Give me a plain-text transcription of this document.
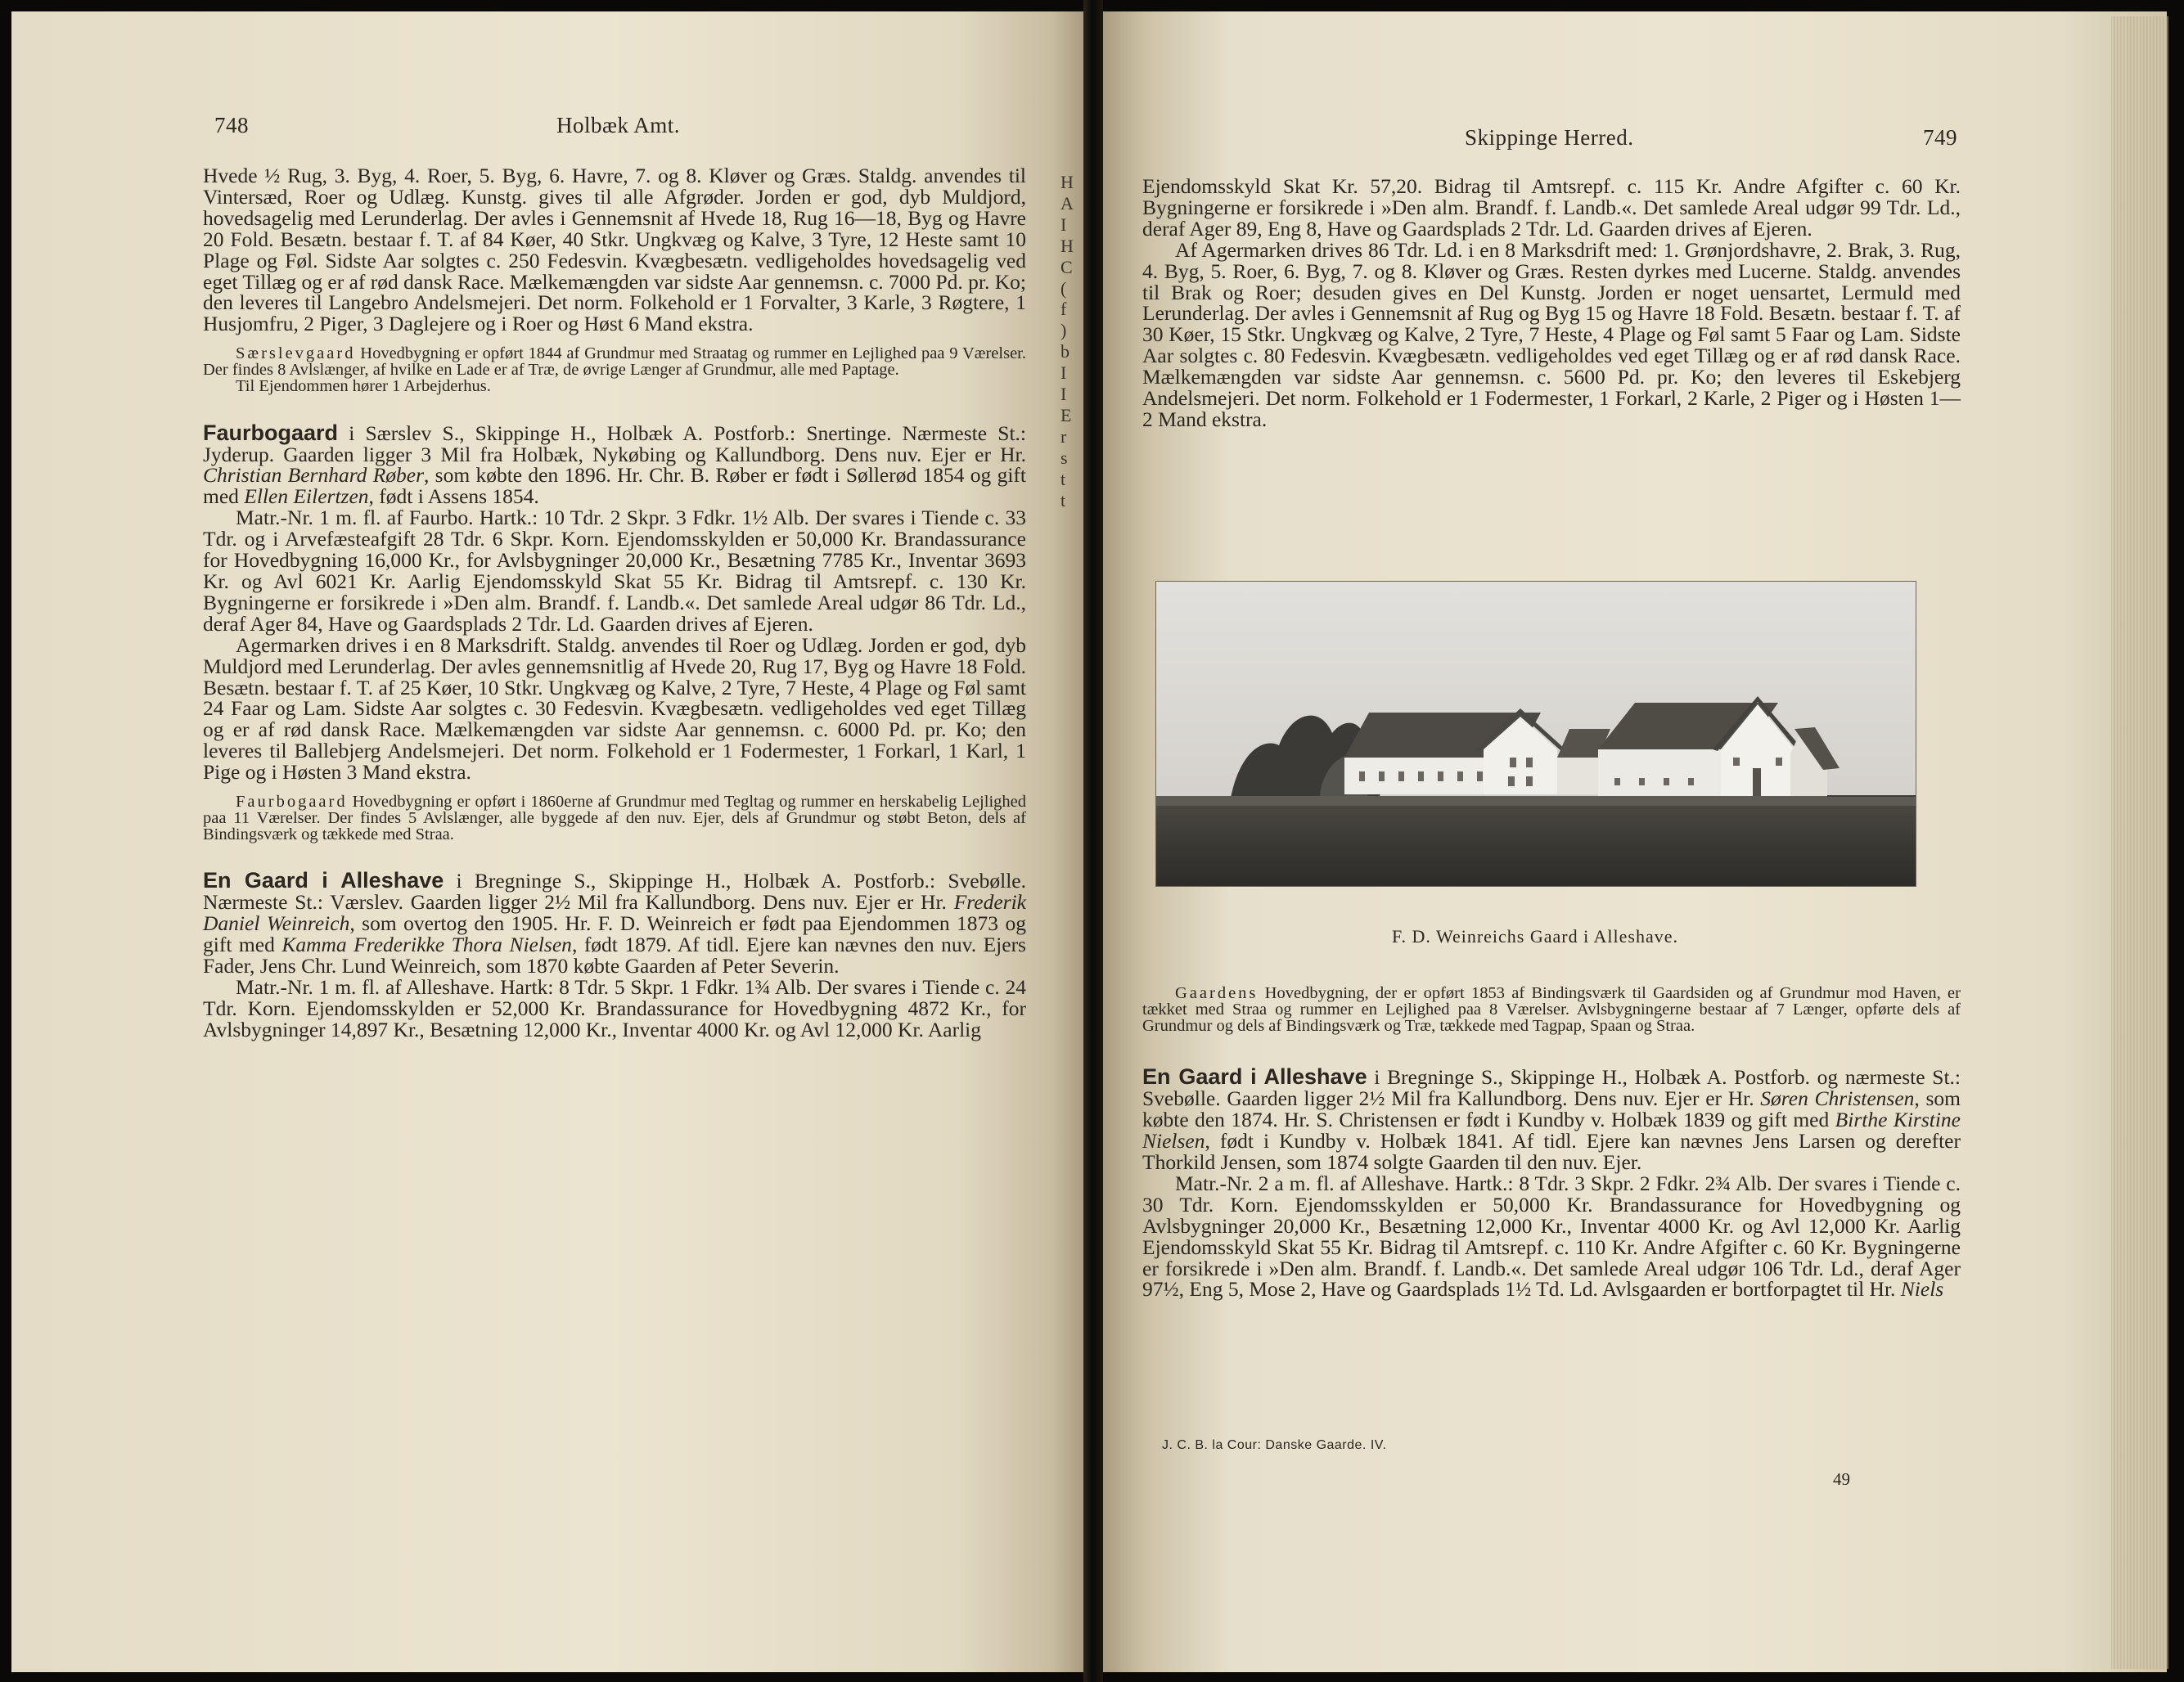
748	Holbæk Amt.	Skippinge Herred.	749
H
A
I
H
C
(
f
)
b
I
I
E
r
s
t
t

Hvede ½ Rug, 3. Byg, 4. Roer, 5. Byg, 6. Havre, 7. og 8. Kløver og Græs. Staldg. anvendes til Vintersæd, Roer og Udlæg. Kunstg. gives til alle Afgrøder. Jorden er god, dyb Muldjord, hovedsagelig med Lerunderlag. Der avles i Gennemsnit af Hvede 18, Rug 16—18, Byg og Havre 20 Fold. Besætn. bestaar f. T. af 84 Køer, 40 Stkr. Ungkvæg og Kalve, 3 Tyre, 12 Heste samt 10 Plage og Føl. Sidste Aar solgtes c. 250 Fedesvin. Kvægbesætn. vedligeholdes hovedsagelig ved eget Tillæg og er af rød dansk Race. Mælkemængden var sidste Aar gennemsn. c. 7000 Pd. pr. Ko; den leveres til Langebro Andelsmejeri. Det norm. Folkehold er 1 Forvalter, 3 Karle, 3 Røgtere, 1 Husjomfru, 2 Piger, 3 Daglejere og i Roer og Høst 6 Mand ekstra.

Særslevgaard Hovedbygning er opført 1844 af Grundmur med Straatag og rummer en Lejlighed paa 9 Værelser. Der findes 8 Avlslænger, af hvilke en Lade er af Træ, de øvrige Længer af Grundmur, alle med Paptage.

Til Ejendommen hører 1 Arbejderhus.

Faurbogaard i Særslev S., Skippinge H., Holbæk A. Postforb.: Snertinge. Nærmeste St.: Jyderup. Gaarden ligger 3 Mil fra Holbæk, Nykøbing og Kallundborg. Dens nuv. Ejer er Hr. Christian Bernhard Røber, som købte den 1896. Hr. Chr. B. Røber er født i Søllerød 1854 og gift med Ellen Eilertzen, født i Assens 1854.

Matr.-Nr. 1 m. fl. af Faurbo. Hartk.: 10 Tdr. 2 Skpr. 3 Fdkr. 1½ Alb. Der svares i Tiende c. 33 Tdr. og i Arvefæsteafgift 28 Tdr. 6 Skpr. Korn. Ejendomsskylden er 50,000 Kr. Brandassurance for Hovedbygning 16,000 Kr., for Avlsbygninger 20,000 Kr., Besætning 7785 Kr., Inventar 3693 Kr. og Avl 6021 Kr. Aarlig Ejendomsskyld Skat 55 Kr. Bidrag til Amtsrepf. c. 130 Kr. Bygningerne er forsikrede i »Den alm. Brandf. f. Landb.«. Det samlede Areal udgør 86 Tdr. Ld., deraf Ager 84, Have og Gaardsplads 2 Tdr. Ld. Gaarden drives af Ejeren.

Agermarken drives i en 8 Marksdrift. Staldg. anvendes til Roer og Udlæg. Jorden er god, dyb Muldjord med Lerunderlag. Der avles gennemsnitlig af Hvede 20, Rug 17, Byg og Havre 18 Fold. Besætn. bestaar f. T. af 25 Køer, 10 Stkr. Ungkvæg og Kalve, 2 Tyre, 7 Heste, 4 Plage og Føl samt 24 Faar og Lam. Sidste Aar solgtes c. 30 Fedesvin. Kvægbesætn. vedligeholdes ved eget Tillæg og er af rød dansk Race. Mælkemængden var sidste Aar gennemsn. c. 6000 Pd. pr. Ko; den leveres til Ballebjerg Andelsmejeri. Det norm. Folkehold er 1 Fodermester, 1 Forkarl, 1 Karl, 1 Pige og i Høsten 3 Mand ekstra.

Faurbogaard Hovedbygning er opført i 1860erne af Grundmur med Tegltag og rummer en herskabelig Lejlighed paa 11 Værelser. Der findes 5 Avlslænger, alle byggede af den nuv. Ejer, dels af Grundmur og støbt Beton, dels af Bindingsværk og tækkede med Straa.

En Gaard i Alleshave i Bregninge S., Skippinge H., Holbæk A. Postforb.: Svebølle. Nærmeste St.: Værslev. Gaarden ligger 2½ Mil fra Kallundborg. Dens nuv. Ejer er Hr. Frederik Daniel Weinreich, som overtog den 1905. Hr. F. D. Weinreich er født paa Ejendommen 1873 og gift med Kamma Frederikke Thora Nielsen, født 1879. Af tidl. Ejere kan nævnes den nuv. Ejers Fader, Jens Chr. Lund Weinreich, som 1870 købte Gaarden af Peter Severin.

Matr.-Nr. 1 m. fl. af Alleshave. Hartk: 8 Tdr. 5 Skpr. 1 Fdkr. 1¾ Alb. Der svares i Tiende c. 24 Tdr. Korn. Ejendomsskylden er 52,000 Kr. Brandassurance for Hovedbygning 4872 Kr., for Avlsbygninger 14,897 Kr., Besætning 12,000 Kr., Inventar 4000 Kr. og Avl 12,000 Kr. Aarlig

Ejendomsskyld Skat Kr. 57,20. Bidrag til Amtsrepf. c. 115 Kr. Andre Afgifter c. 60 Kr. Bygningerne er forsikrede i »Den alm. Brandf. f. Landb.«. Det samlede Areal udgør 99 Tdr. Ld., deraf Ager 89, Eng 8, Have og Gaardsplads 2 Tdr. Ld. Gaarden drives af Ejeren.

Af Agermarken drives 86 Tdr. Ld. i en 8 Marksdrift med: 1. Grønjordshavre, 2. Brak, 3. Rug, 4. Byg, 5. Roer, 6. Byg, 7. og 8. Kløver og Græs. Resten dyrkes med Lucerne. Staldg. anvendes til Brak og Roer; desuden gives en Del Kunstg. Jorden er noget uensartet, Lermuld med Lerunderlag. Der avles i Gennemsnit af Rug og Byg 15 og Havre 18 Fold. Besætn. bestaar f. T. af 30 Køer, 15 Stkr. Ungkvæg og Kalve, 2 Tyre, 7 Heste, 4 Plage og Føl samt 5 Faar og Lam. Sidste Aar solgtes c. 80 Fedesvin. Kvægbesætn. vedligeholdes ved eget Tillæg og er af rød dansk Race. Mælkemængden var sidste Aar gennemsn. c. 5600 Pd. pr. Ko; den leveres til Eskebjerg Andelsmejeri. Det norm. Folkehold er 1 Fodermester, 1 Forkarl, 2 Karle, 2 Piger og i Høsten 1—2 Mand ekstra.

F. D. Weinreichs Gaard i Alleshave.

Gaardens Hovedbygning, der er opført 1853 af Bindingsværk til Gaardsiden og af Grundmur mod Haven, er tækket med Straa og rummer en Lejlighed paa 8 Værelser. Avlsbygningerne bestaar af 7 Længer, opførte dels af Grundmur og dels af Bindingsværk og Træ, tækkede med Tagpap, Spaan og Straa.

En Gaard i Alleshave i Bregninge S., Skippinge H., Holbæk A. Postforb. og nærmeste St.: Svebølle. Gaarden ligger 2½ Mil fra Kallundborg. Dens nuv. Ejer er Hr. Søren Christensen, som købte den 1874. Hr. S. Christensen er født i Kundby v. Holbæk 1839 og gift med Birthe Kirstine Nielsen, født i Kundby v. Holbæk 1841. Af tidl. Ejere kan nævnes Jens Larsen og derefter Thorkild Jensen, som 1874 solgte Gaarden til den nuv. Ejer.

Matr.-Nr. 2 a m. fl. af Alleshave. Hartk.: 8 Tdr. 3 Skpr. 2 Fdkr. 2¾ Alb. Der svares i Tiende c. 30 Tdr. Korn. Ejendomsskylden er 50,000 Kr. Brandassurance for Hovedbygning og Avlsbygninger 20,000 Kr., Besætning 12,000 Kr., Inventar 4000 Kr. og Avl 12,000 Kr. Aarlig Ejendomsskyld Skat 55 Kr. Bidrag til Amtsrepf. c. 110 Kr. Andre Afgifter c. 60 Kr. Bygningerne er forsikrede i »Den alm. Brandf. f. Landb.«. Det samlede Areal udgør 106 Tdr. Ld., deraf Ager 97½, Eng 5, Mose 2, Have og Gaardsplads 1½ Td. Ld. Avlsgaarden er bortforpagtet til Hr. Niels

J. C. B. la Cour: Danske Gaarde. IV.
49
